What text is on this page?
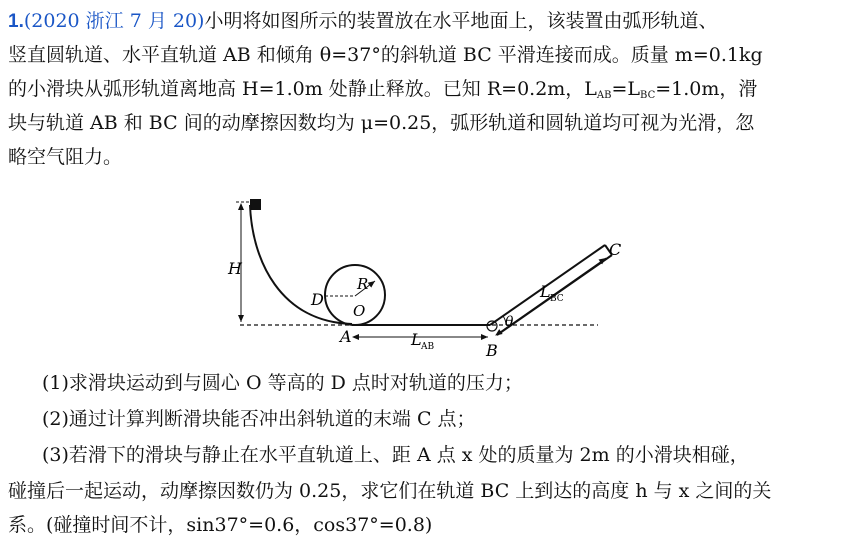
1.(2020 浙江 7 月 20)小明将如图所示的装置放在水平地面上，该装置由弧形轨道、
竖直圆轨道、水平直轨道 AB 和倾角 θ=37°的斜轨道 BC 平滑连接而成。质量 m=0.1kg
的小滑块从弧形轨道离地高 H=1.0m 处静止释放。已知 R=0.2m，$L_{AB}=L_{BC}=1.0m$，滑
块与轨道 AB 和 BC 间的动摩擦因数均为 μ=0.25，弧形轨道和圆轨道均可视为光滑，忽
略空气阻力。
H
D
R
O
A
B
C
θ
L AB
L BC
(1)求滑块运动到与圆心 O 等高的 D 点时对轨道的压力；
(2)通过计算判断滑块能否冲出斜轨道的末端 C 点；
(3)若滑下的滑块与静止在水平直轨道上、距 A 点 x 处的质量为 2m 的小滑块相碰，
碰撞后一起运动，动摩擦因数仍为 0.25，求它们在轨道 BC 上到达的高度 h 与 x 之间的关
系。(碰撞时间不计，sin37°=0.6，cos37°=0.8)
